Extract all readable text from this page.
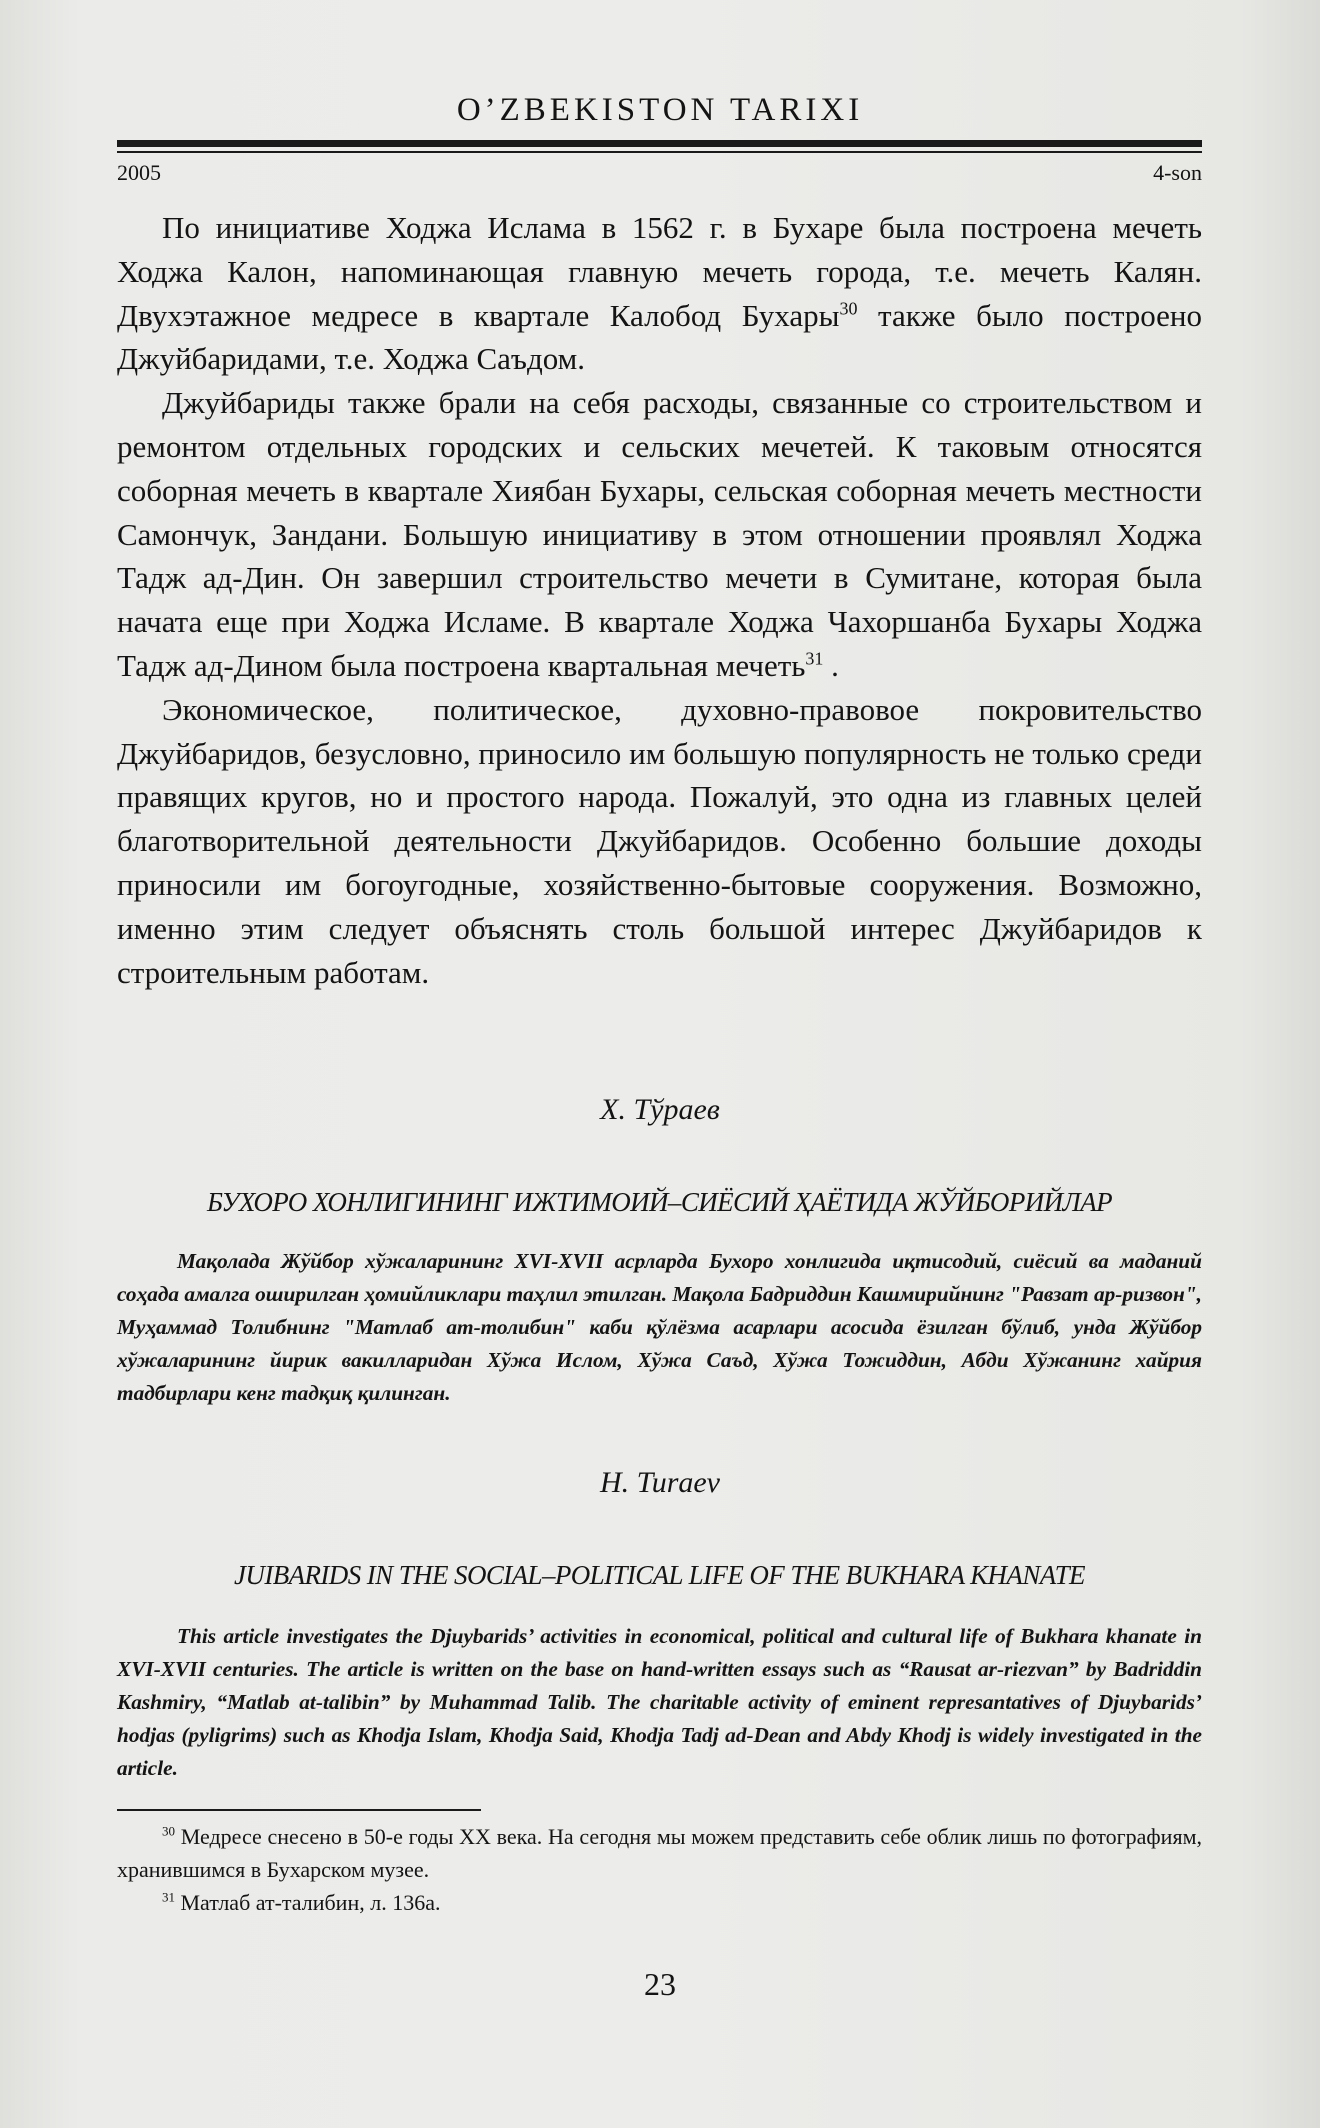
O’ZBEKISTON TARIXI
2005	4-son

По инициативе Ходжа Ислама в 1562 г. в Бухаре была построена мечеть Ходжа Калон, напоминающая главную мечеть города, т.е. мечеть Калян. Двухэтажное медресе в квартале Калобод Бухары$^{30}$ также было построено Джуйбаридами, т.е. Ходжа Саъдом.

Джуйбариды также брали на себя расходы, связанные со строительством и ремонтом отдельных городских и сельских мечетей. К таковым относятся соборная мечеть в квартале Хиябан Бухары, сельская соборная мечеть местности Самончук, Зандани. Большую инициативу в этом отношении проявлял Ходжа Тадж ад-Дин. Он завершил строительство мечети в Сумитане, которая была начата еще при Ходжа Исламе. В квартале Ходжа Чахоршанба Бухары Ходжа Тадж ад-Дином была построена квартальная мечеть$^{31}$ .

Экономическое, политическое, духовно-правовое покровительство Джуйбаридов, безусловно, приносило им большую популярность не только среди правящих кругов, но и простого народа. Пожалуй, это одна из главных целей благотворительной деятельности Джуйбаридов. Особенно большие доходы приносили им богоугодные, хозяйственно-бытовые сооружения. Возможно, именно этим следует объяснять столь большой интерес Джуйбаридов к строительным работам.

Х. Тўраев
БУХОРО ХОНЛИГИНИНГ ИЖТИМОИЙ–СИЁСИЙ ҲАЁТИДА ЖЎЙБОРИЙЛАР

Мақолада Жўйбор хўжаларининг XVI-XVII асрларда Бухоро хонлигида иқтисодий, сиёсий ва маданий соҳада амалга оширилган ҳомийликлари таҳлил этилган. Мақола Бадриддин Кашмирийнинг "Равзат ар-ризвон", Муҳаммад Толибнинг "Матлаб ат-толибин" каби қўлёзма асарлари асосида ёзилган бўлиб, унда Жўйбор хўжаларининг йирик вакилларидан Хўжа Ислом, Хўжа Саъд, Хўжа Тожиддин, Абди Хўжанинг хайрия тадбирлари кенг тадқиқ қилинган.

H. Turaev
JUIBARIDS IN THE SOCIAL–POLITICAL LIFE OF THE BUKHARA KHANATE

This article investigates the Djuybarids’ activities in economical, political and cultural life of Bukhara khanate in XVI-XVII centuries. The article is written on the base on hand-written essays such as “Rausat ar-riezvan” by Badriddin Kashmiry, “Matlab at-talibin” by Muhammad Talib. The charitable activity of eminent represantatives of Djuybarids’ hodjas (pyligrims) such as Khodja Islam, Khodja Said, Khodja Tadj ad-Dean and Abdy Khodj is widely investigated in the article.

$^{30}$ Медресе снесено в 50-е годы XX века. На сегодня мы можем представить себе облик лишь по фотографиям, хранившимся в Бухарском музее.

$^{31}$ Матлаб ат-талибин, л. 136а.

23
